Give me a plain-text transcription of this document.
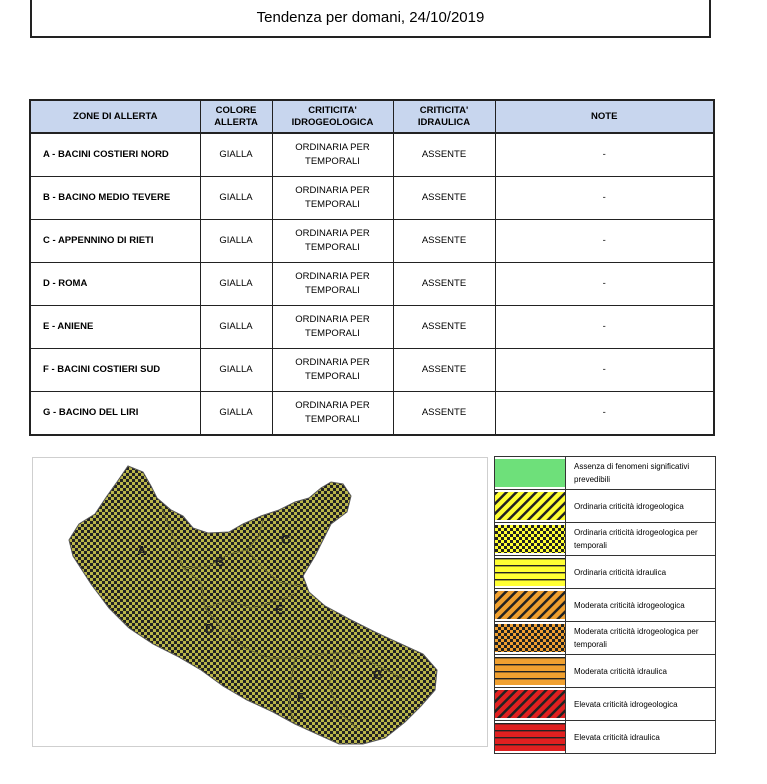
Tendenza per domani, 24/10/2019
ZONE DI ALLERTA	COLORE ALLERTA	CRITICITA' IDROGEOLOGICA	CRITICITA' IDRAULICA	NOTE
A - BACINI COSTIERI NORD	GIALLA	ORDINARIA PER TEMPORALI	ASSENTE	-
B - BACINO MEDIO TEVERE	GIALLA	ORDINARIA PER TEMPORALI	ASSENTE	-
C - APPENNINO DI RIETI	GIALLA	ORDINARIA PER TEMPORALI	ASSENTE	-
D - ROMA	GIALLA	ORDINARIA PER TEMPORALI	ASSENTE	-
E - ANIENE	GIALLA	ORDINARIA PER TEMPORALI	ASSENTE	-
F - BACINI COSTIERI SUD	GIALLA	ORDINARIA PER TEMPORALI	ASSENTE	-
G - BACINO DEL LIRI	GIALLA	ORDINARIA PER TEMPORALI	ASSENTE	-
A
B
C
D
E
F
G
	Assenza di fenomeni significativi prevedibili

	Ordinaria criticità idrogeologica

	Ordinaria criticità idrogeologica per temporali

	Ordinaria criticità idraulica

	Moderata criticità idrogeologica

	Moderata criticità idrogeologica per temporali

	Moderata criticità idraulica

	Elevata criticità idrogeologica

	Elevata criticità idraulica
